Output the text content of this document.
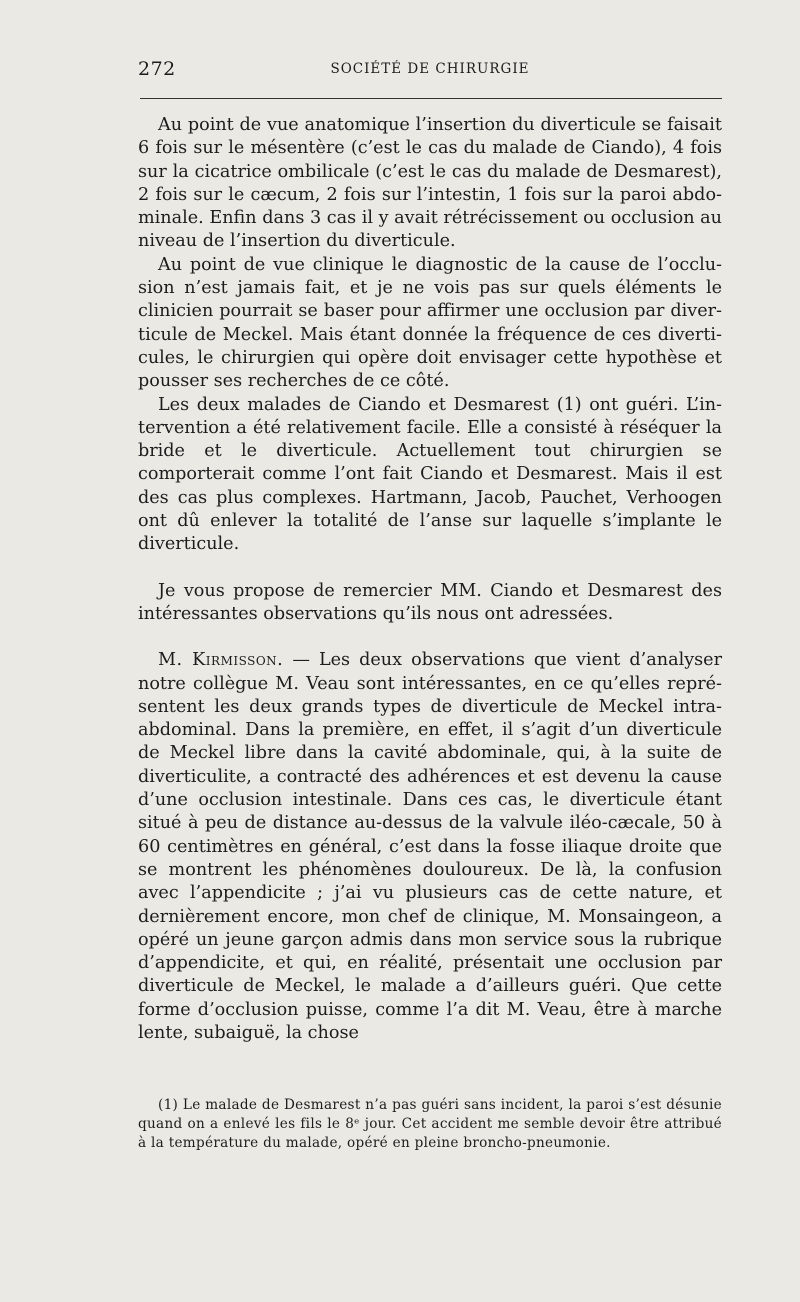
272	SOCIÉTÉ DE CHIRURGIE

Au point de vue anatomique l’insertion du diverticule se faisait 6 fois sur le mésentère (c’est le cas du malade de Ciando), 4 fois sur la cicatrice ombilicale (c’est le cas du malade de Desmarest), 2 fois sur le cæcum, 2 fois sur l’intestin, 1 fois sur la paroi abdominale. Enfin dans 3 cas il y avait rétrécissement ou occlusion au niveau de l’insertion du diverticule.

Au point de vue clinique le diagnostic de la cause de l’occlusion n’est jamais fait, et je ne vois pas sur quels éléments le clinicien pourrait se baser pour affirmer une occlusion par diverticule de Meckel. Mais étant donnée la fréquence de ces diverticules, le chirurgien qui opère doit envisager cette hypothèse et pousser ses recherches de ce côté.

Les deux malades de Ciando et Desmarest (1) ont guéri. L’intervention a été relativement facile. Elle a consisté à réséquer la bride et le diverticule. Actuellement tout chirurgien se comporterait comme l’ont fait Ciando et Desmarest. Mais il est des cas plus complexes. Hartmann, Jacob, Pauchet, Verhoogen ont dû enlever la totalité de l’anse sur laquelle s’implante le diverticule.

Je vous propose de remercier MM. Ciando et Desmarest des intéressantes observations qu’ils nous ont adressées.

M. Kirmisson. — Les deux observations que vient d’analyser notre collègue M. Veau sont intéressantes, en ce qu’elles représentent les deux grands types de diverticule de Meckel intra-abdominal. Dans la première, en effet, il s’agit d’un diverticule de Meckel libre dans la cavité abdominale, qui, à la suite de diverticulite, a contracté des adhérences et est devenu la cause d’une occlusion intestinale. Dans ces cas, le diverticule étant situé à peu de distance au-dessus de la valvule iléo-cæcale, 50 à 60 centimètres en général, c’est dans la fosse iliaque droite que se montrent les phénomènes douloureux. De là, la confusion avec l’appendicite ; j’ai vu plusieurs cas de cette nature, et dernièrement encore, mon chef de clinique, M. Monsaingeon, a opéré un jeune garçon admis dans mon service sous la rubrique d’appendicite, et qui, en réalité, présentait une occlusion par diverticule de Meckel, le malade a d’ailleurs guéri. Que cette forme d’occlusion puisse, comme l’a dit M. Veau, être à marche lente, subaiguë, la chose

(1) Le malade de Desmarest n’a pas guéri sans incident, la paroi s’est désunie quand on a enlevé les fils le 8ᵉ jour. Cet accident me semble devoir être attribué à la température du malade, opéré en pleine broncho-pneumonie.
